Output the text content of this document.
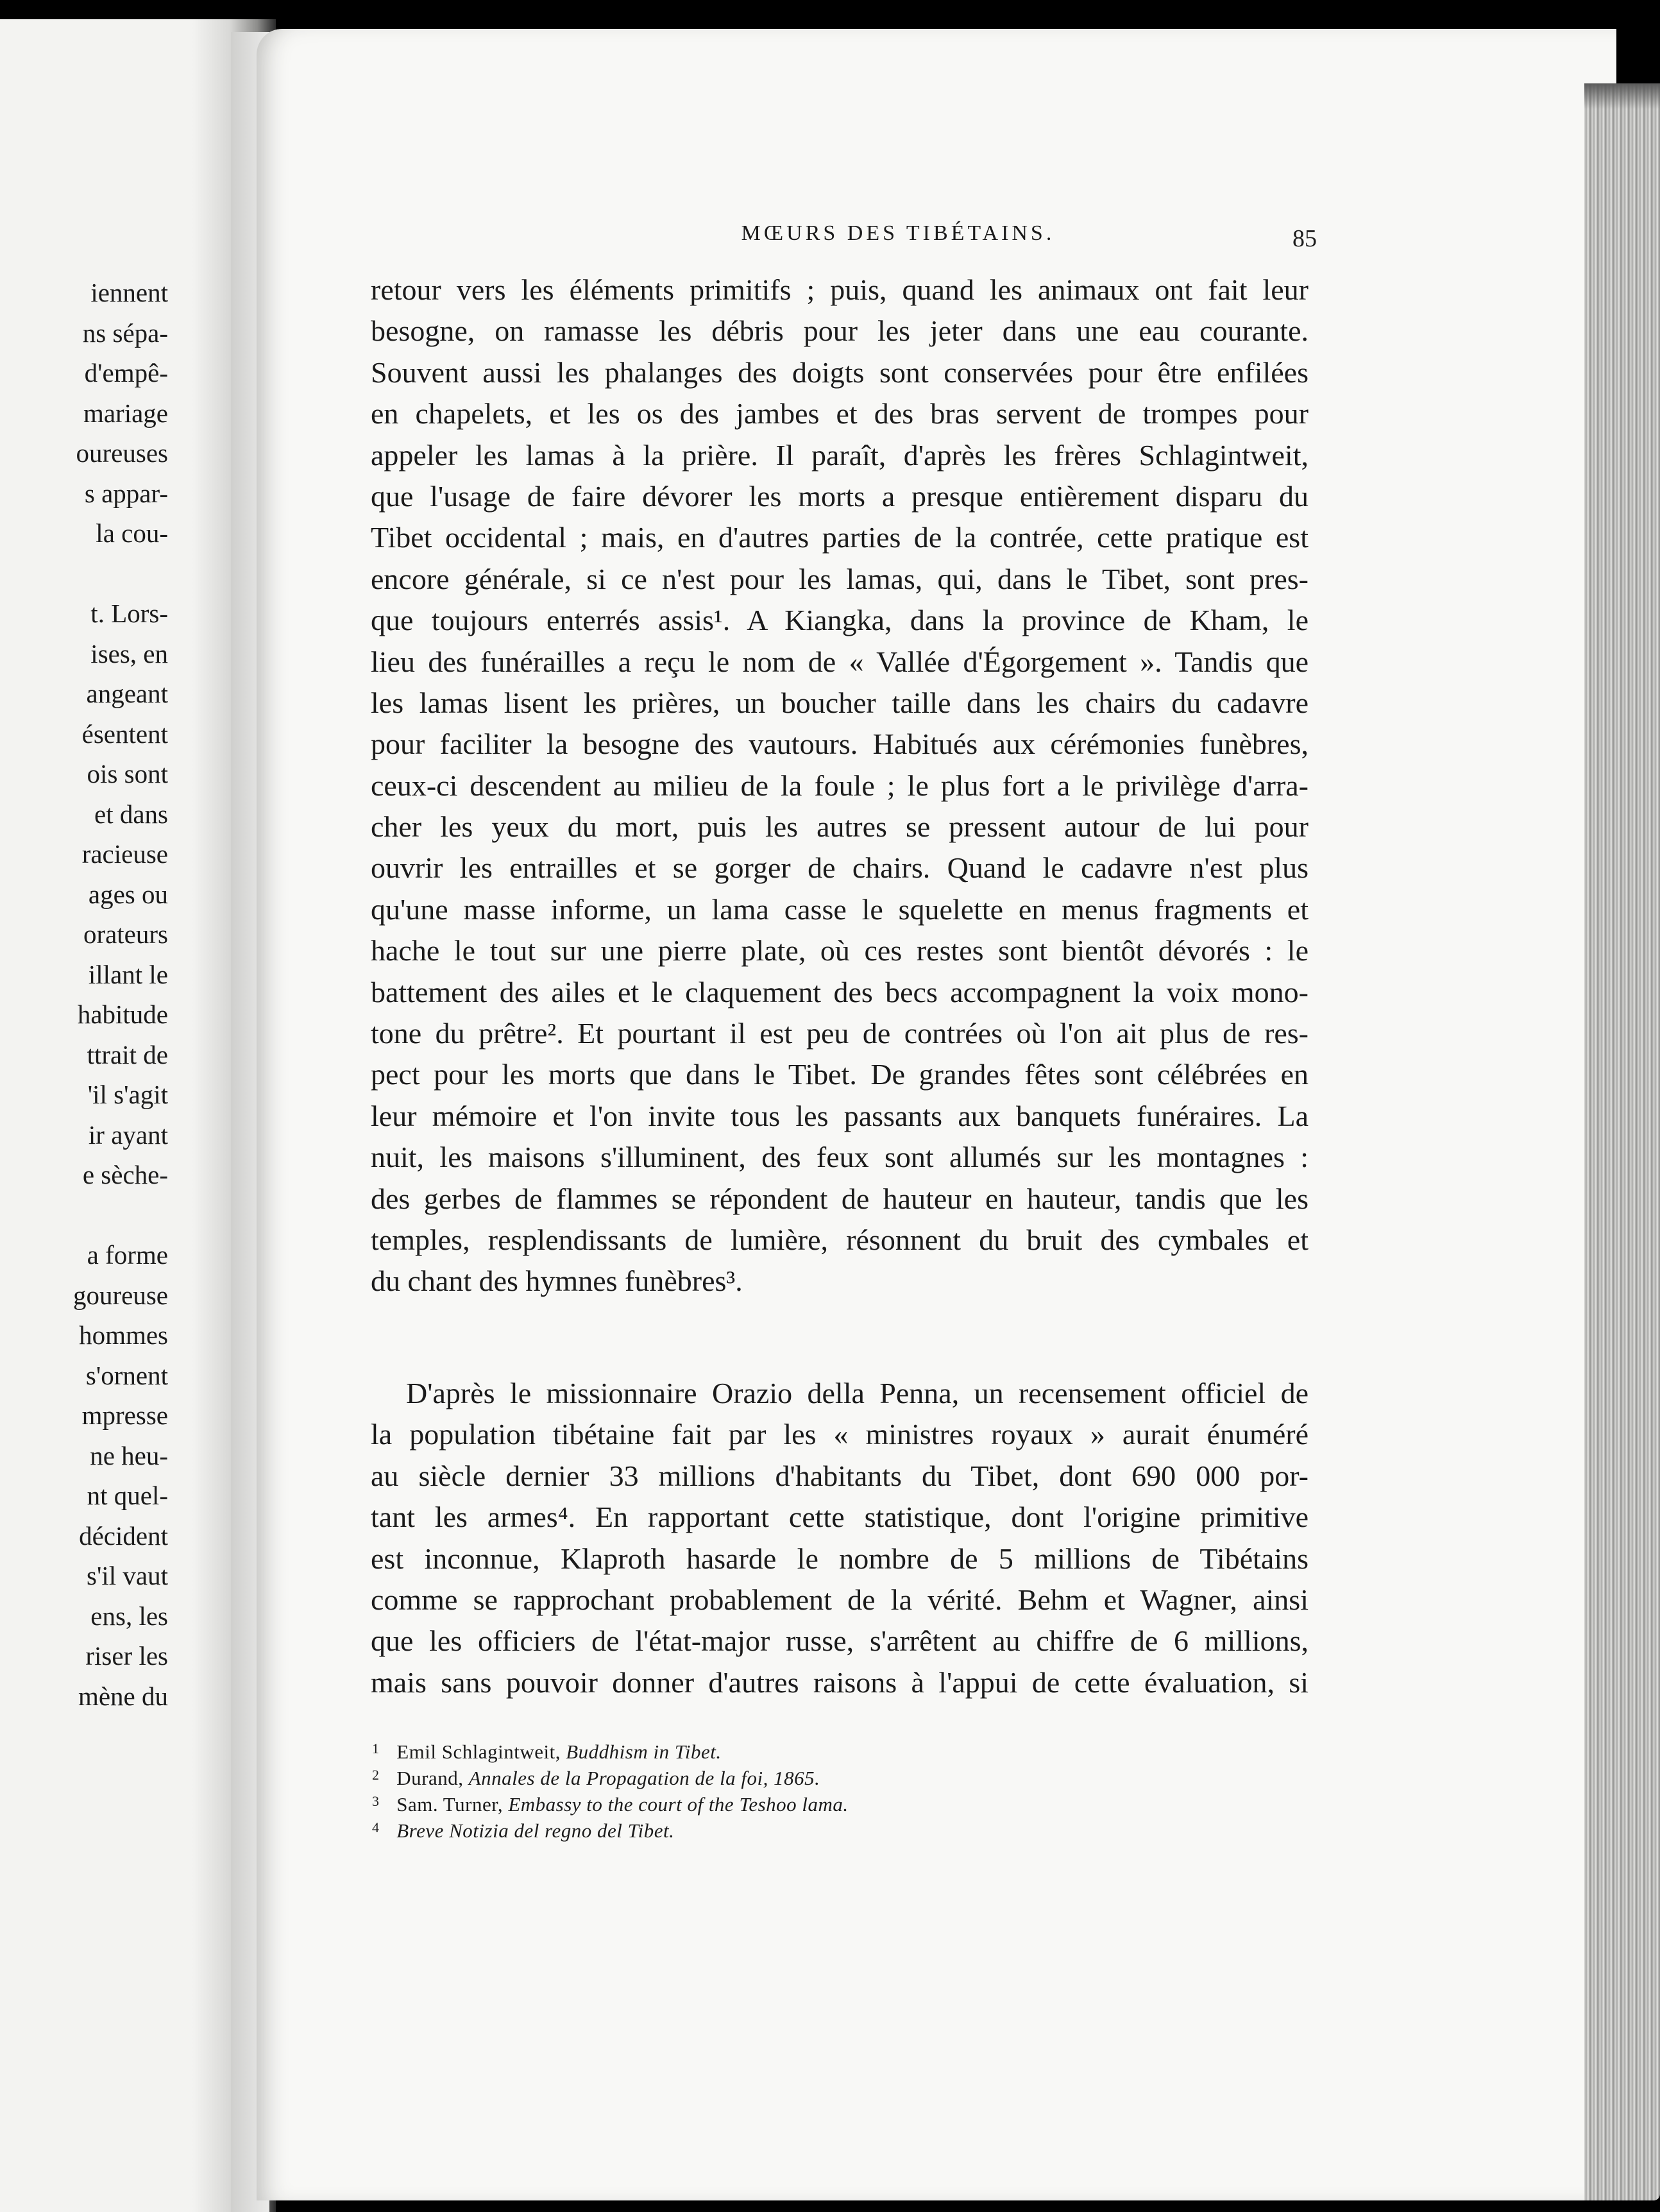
iennent
ns sépa-
d'empê-
mariage
oureuses
s appar-
la cou-
t. Lors-
ises, en
angeant
ésentent
ois sont
et dans
racieuse
ages ou
orateurs
illant le
habitude
ttrait de
'il s'agit
ir ayant
e sèche-
a forme
goureuse
hommes
s'ornent
mpresse
ne heu-
nt quel-
décident
s'il vaut
ens, les
riser les
mène du
MŒURS DES TIBÉTAINS.	85
retour vers les éléments primitifs ; puis, quand les animaux ont fait leur
besogne, on ramasse les débris pour les jeter dans une eau courante.
Souvent aussi les phalanges des doigts sont conservées pour être enfilées
en chapelets, et les os des jambes et des bras servent de trompes pour
appeler les lamas à la prière. Il paraît, d'après les frères Schlagintweit,
que l'usage de faire dévorer les morts a presque entièrement disparu du
Tibet occidental ; mais, en d'autres parties de la contrée, cette pratique est
encore générale, si ce n'est pour les lamas, qui, dans le Tibet, sont pres-
que toujours enterrés assis¹. A Kiangka, dans la province de Kham, le
lieu des funérailles a reçu le nom de « Vallée d'Égorgement ». Tandis que
les lamas lisent les prières, un boucher taille dans les chairs du cadavre
pour faciliter la besogne des vautours. Habitués aux cérémonies funèbres,
ceux-ci descendent au milieu de la foule ; le plus fort a le privilège d'arra-
cher les yeux du mort, puis les autres se pressent autour de lui pour
ouvrir les entrailles et se gorger de chairs. Quand le cadavre n'est plus
qu'une masse informe, un lama casse le squelette en menus fragments et
hache le tout sur une pierre plate, où ces restes sont bientôt dévorés : le
battement des ailes et le claquement des becs accompagnent la voix mono-
tone du prêtre². Et pourtant il est peu de contrées où l'on ait plus de res-
pect pour les morts que dans le Tibet. De grandes fêtes sont célébrées en
leur mémoire et l'on invite tous les passants aux banquets funéraires. La
nuit, les maisons s'illuminent, des feux sont allumés sur les montagnes :
des gerbes de flammes se répondent de hauteur en hauteur, tandis que les
temples, resplendissants de lumière, résonnent du bruit des cymbales et
du chant des hymnes funèbres³.
D'après le missionnaire Orazio della Penna, un recensement officiel de
la population tibétaine fait par les « ministres royaux » aurait énuméré
au siècle dernier 33 millions d'habitants du Tibet, dont 690 000 por-
tant les armes⁴. En rapportant cette statistique, dont l'origine primitive
est inconnue, Klaproth hasarde le nombre de 5 millions de Tibétains
comme se rapprochant probablement de la vérité. Behm et Wagner, ainsi
que les officiers de l'état-major russe, s'arrêtent au chiffre de 6 millions,
mais sans pouvoir donner d'autres raisons à l'appui de cette évaluation, si
1 Emil Schlagintweit, Buddhism in Tibet.
2 Durand, Annales de la Propagation de la foi, 1865.
3 Sam. Turner, Embassy to the court of the Teshoo lama.
4 Breve Notizia del regno del Tibet.
